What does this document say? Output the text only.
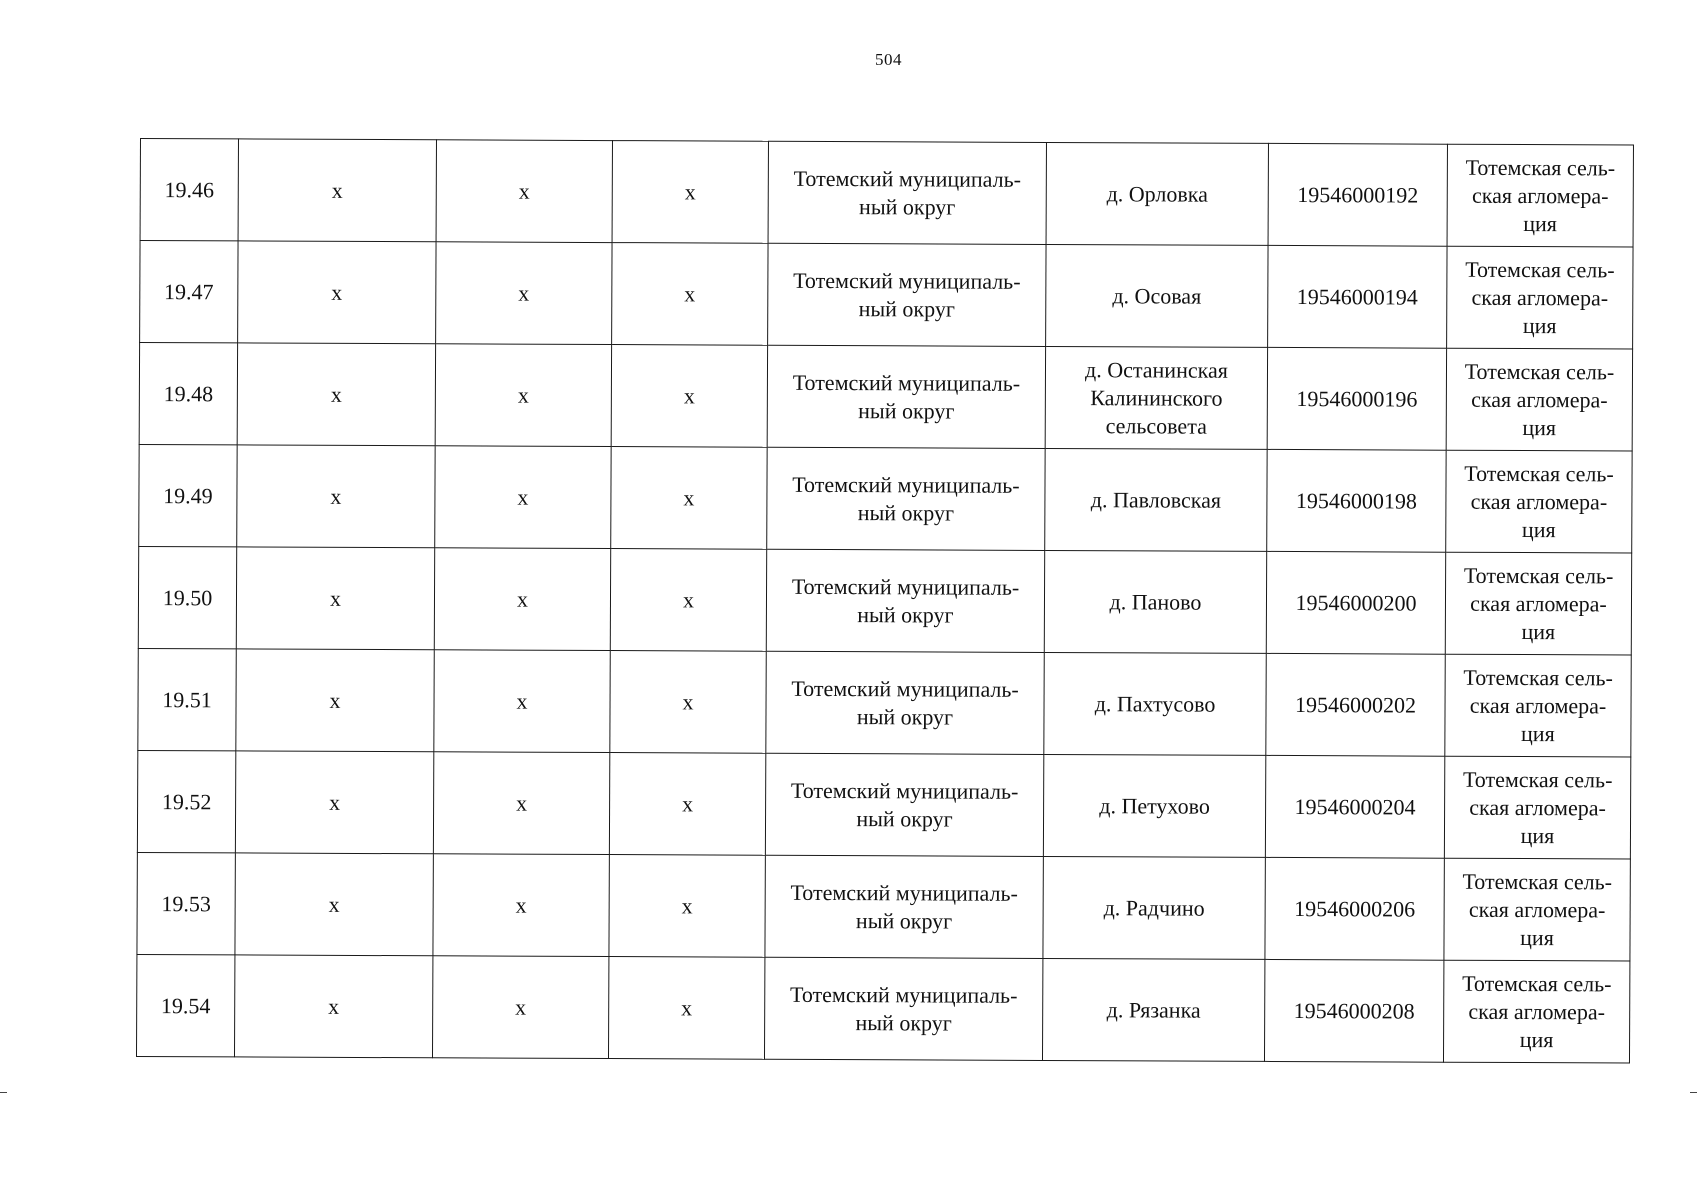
504
19.46	x	x	x	Тотемский муниципаль-
ный округ	д. Орловка	19546000192	Тотемская сель-
ская агломера-
ция

19.47	x	x	x	Тотемский муниципаль-
ный округ	д. Осовая	19546000194	Тотемская сель-
ская агломера-
ция

19.48	x	x	x	Тотемский муниципаль-
ный округ	д. Останинская
Калининского
сельсовета	19546000196	Тотемская сель-
ская агломера-
ция

19.49	x	x	x	Тотемский муниципаль-
ный округ	д. Павловская	19546000198	Тотемская сель-
ская агломера-
ция

19.50	x	x	x	Тотемский муниципаль-
ный округ	д. Паново	19546000200	Тотемская сель-
ская агломера-
ция

19.51	x	x	x	Тотемский муниципаль-
ный округ	д. Пахтусово	19546000202	Тотемская сель-
ская агломера-
ция

19.52	x	x	x	Тотемский муниципаль-
ный округ	д. Петухово	19546000204	Тотемская сель-
ская агломера-
ция

19.53	x	x	x	Тотемский муниципаль-
ный округ	д. Радчино	19546000206	Тотемская сель-
ская агломера-
ция

19.54	x	x	x	Тотемский муниципаль-
ный округ	д. Рязанка	19546000208	Тотемская сель-
ская агломера-
ция
